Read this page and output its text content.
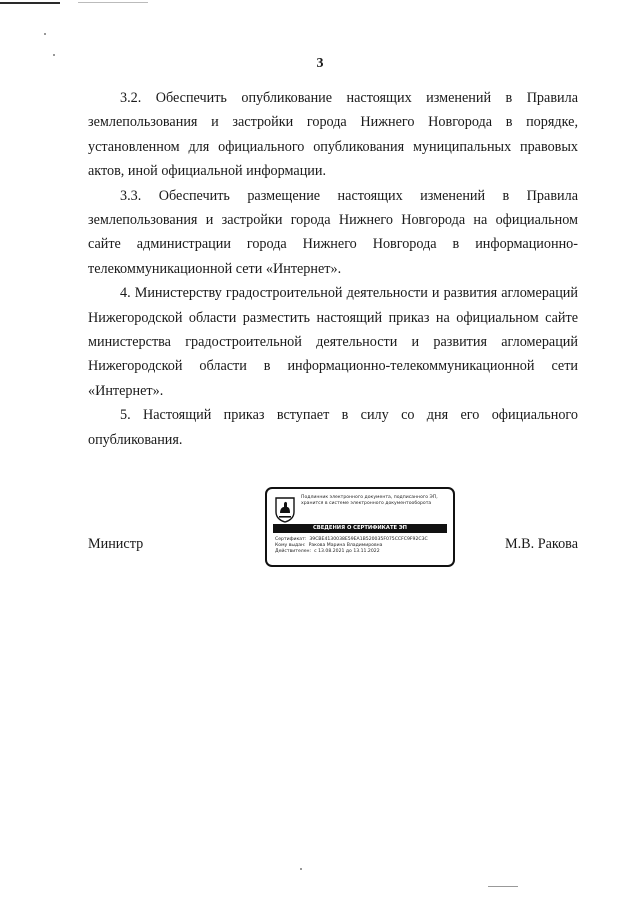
3

3.2. Обеспечить опубликование настоящих изменений в Правила землепользования и застройки города Нижнего Новгорода в порядке, установленном для официального опубликования муниципальных правовых актов, иной официальной информации.

3.3. Обеспечить размещение настоящих изменений в Правила землепользования и застройки города Нижнего Новгорода на официальном сайте администрации города Нижнего Новгорода в информационно-телекоммуникационной сети «Интернет».

4. Министерству градостроительной деятельности и развития агломераций Нижегородской области разместить настоящий приказ на официальном сайте министерства градостроительной деятельности и развития агломераций Нижегородской области в информационно-телекоммуникационной сети «Интернет».

5. Настоящий приказ вступает в силу со дня его официального опубликования.

Министр	М.В. Ракова
Подлинник электронного документа, подписанного ЭП,
хранится в системе электронного документооборота
СВЕДЕНИЯ О СЕРТИФИКАТЕ ЭП
Сертификат: 39CBE4130038E59EA1B520035F075CCFC9F92C3C
Кому выдан: Ракова Марина Владимировна
Действителен: с 13.08.2021 до 13.11.2022
